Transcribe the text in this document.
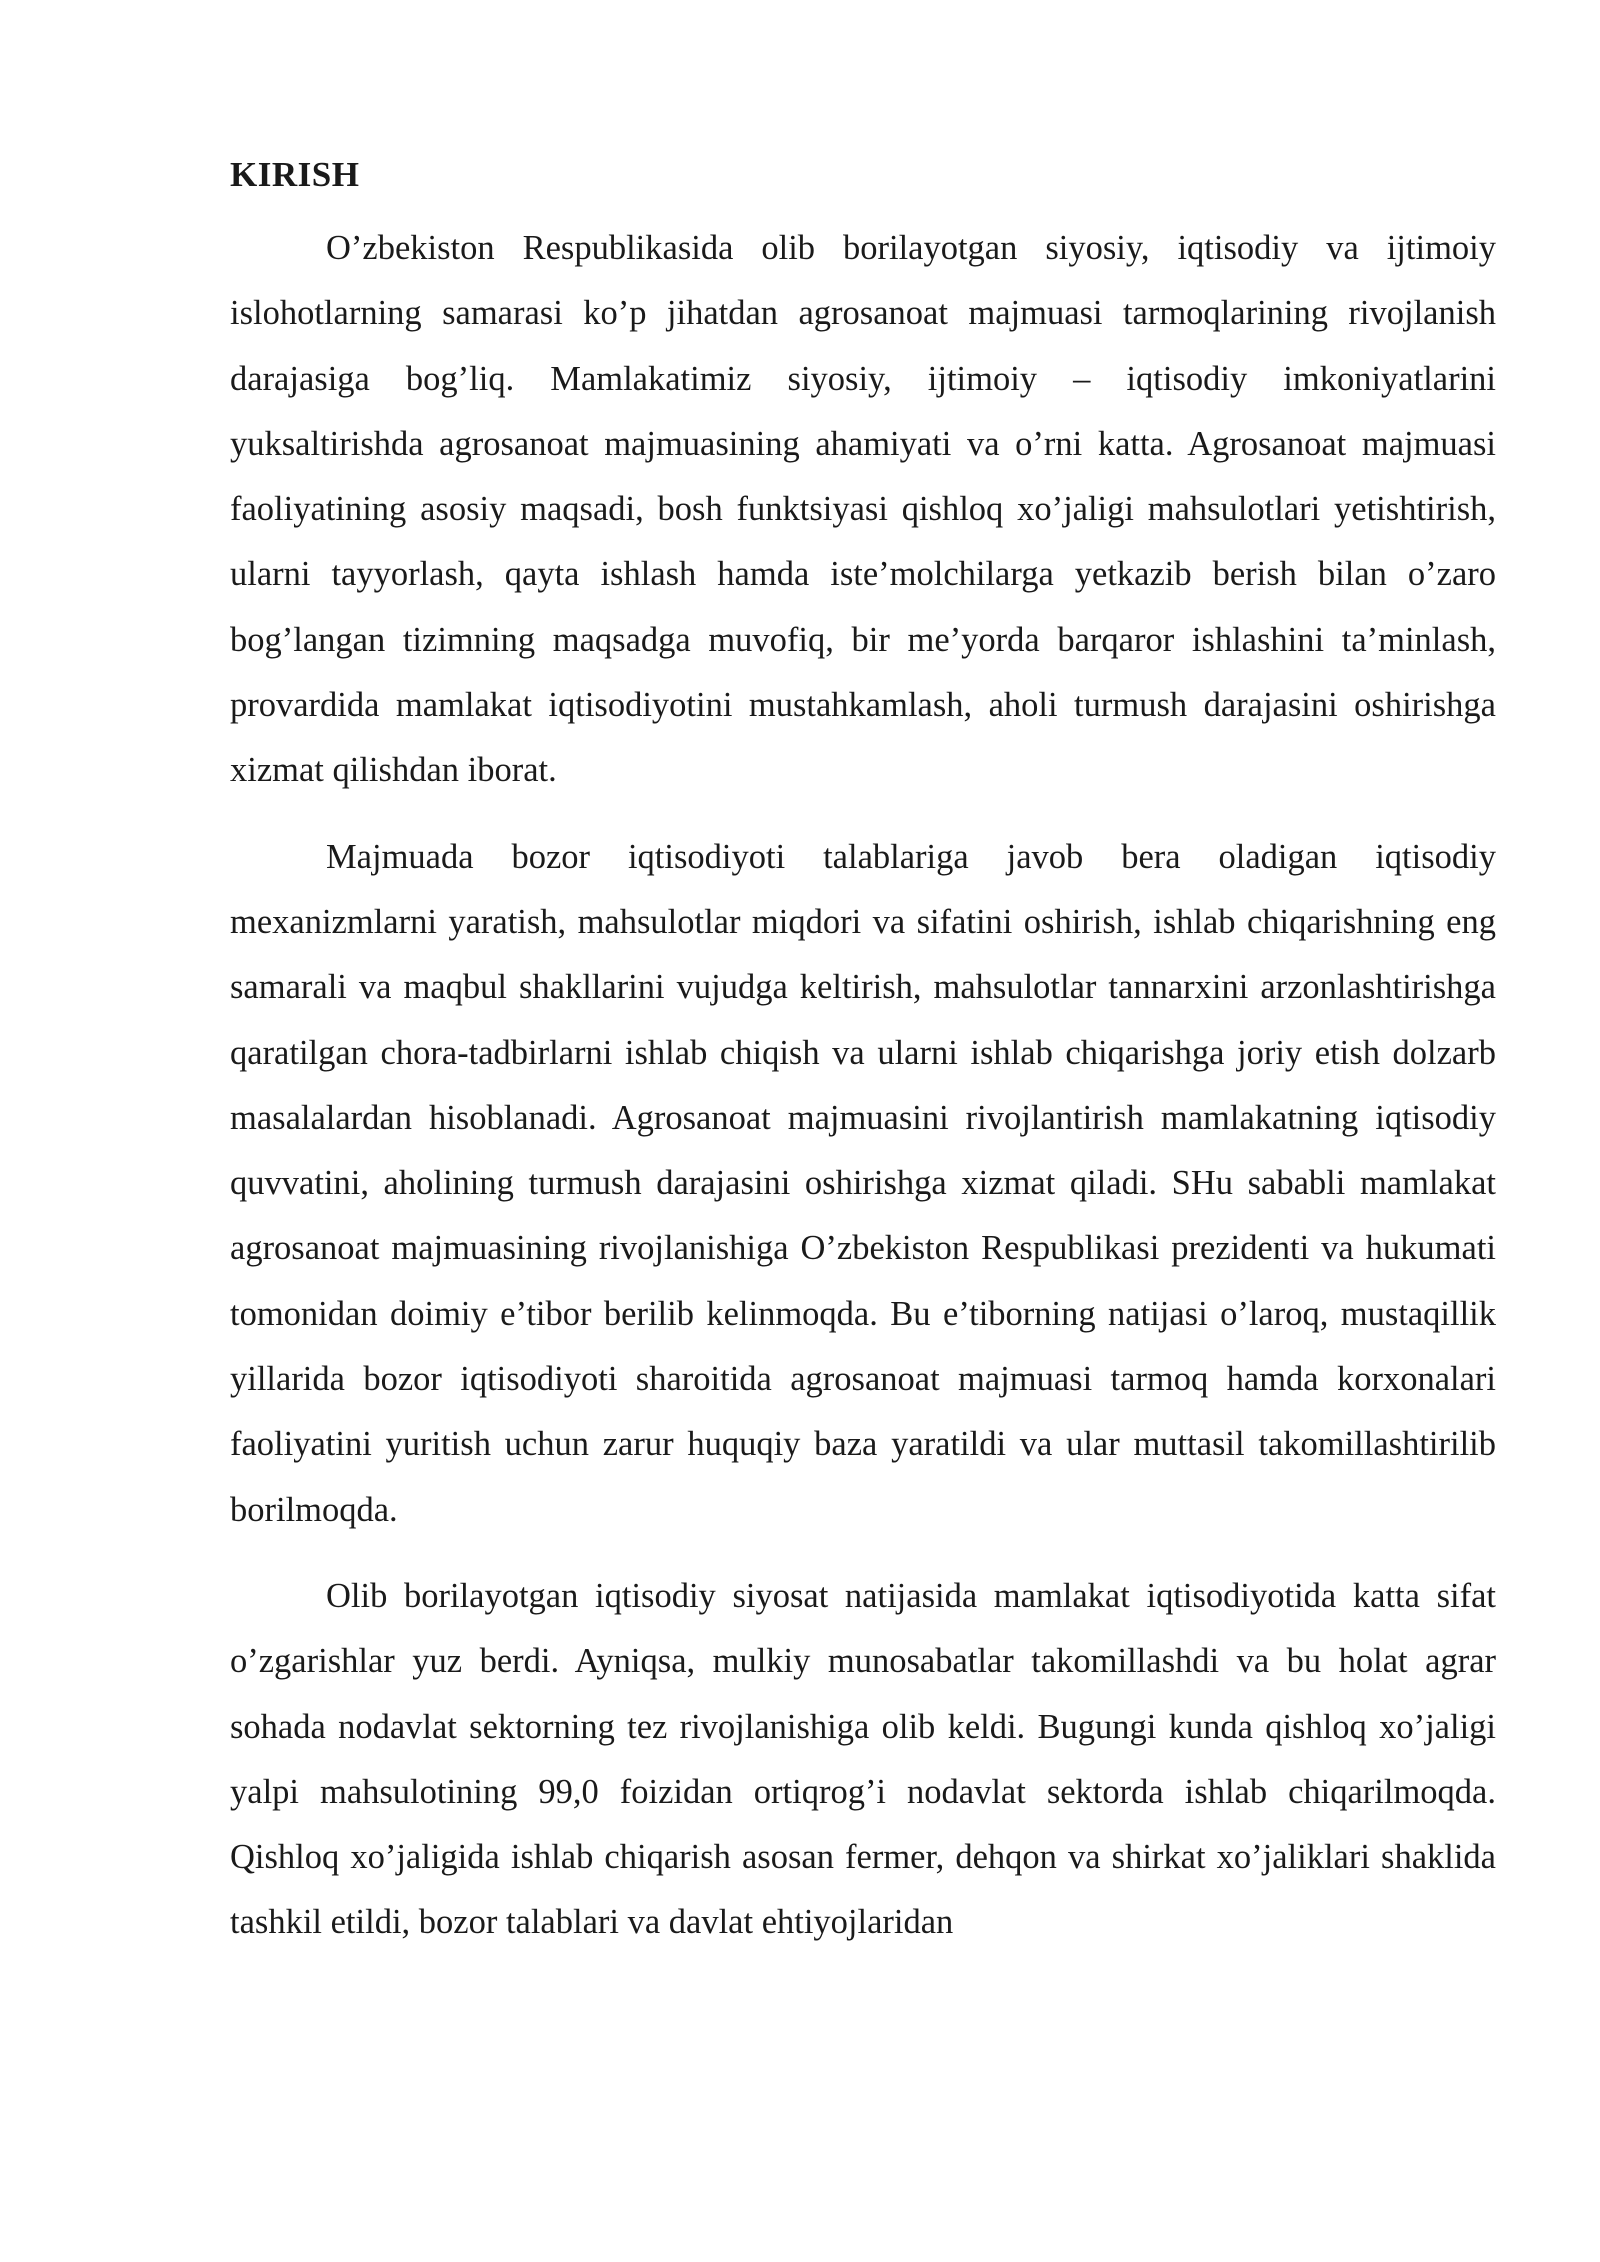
KIRISH

O’zbekiston Respublikasida olib borilayotgan siyosiy, iqtisodiy va ijtimoiy islohotlarning samarasi ko’p jihatdan agrosanoat majmuasi tarmoqlarining rivojlanish darajasiga bog’liq. Mamlakatimiz siyosiy, ijtimoiy – iqtisodiy imkoniyatlarini yuksaltirishda agrosanoat majmuasining ahamiyati va o’rni katta. Agrosanoat majmuasi faoliyatining asosiy maqsadi, bosh funktsiyasi qishloq xo’jaligi mahsulotlari yetishtirish, ularni tayyorlash, qayta ishlash hamda iste’molchilarga yetkazib berish bilan o’zaro bog’langan tizimning maqsadga muvofiq, bir me’yorda barqaror ishlashini ta’minlash, provardida mamlakat iqtisodiyotini mustahkamlash, aholi turmush darajasini oshirishga xizmat qilishdan iborat.

Majmuada bozor iqtisodiyoti talablariga javob bera oladigan iqtisodiy mexanizmlarni yaratish, mahsulotlar miqdori va sifatini oshirish, ishlab chiqarishning eng samarali va maqbul shakllarini vujudga keltirish, mahsulotlar tannarxini arzonlashtirishga qaratilgan chora-tadbirlarni ishlab chiqish va ularni ishlab chiqarishga joriy etish dolzarb masalalardan hisoblanadi. Agrosanoat majmuasini rivojlantirish mamlakatning iqtisodiy quvvatini, aholining turmush darajasini oshirishga xizmat qiladi. SHu sababli mamlakat agrosanoat majmuasining rivojlanishiga O’zbekiston Respublikasi prezidenti va hukumati tomonidan doimiy e’tibor berilib kelinmoqda. Bu e’tiborning natijasi o’laroq, mustaqillik yillarida bozor iqtisodiyoti sharoitida agrosanoat majmuasi tarmoq hamda korxonalari faoliyatini yuritish uchun zarur huquqiy baza yaratildi va ular muttasil takomillashtirilib borilmoqda.

Olib borilayotgan iqtisodiy siyosat natijasida mamlakat iqtisodiyotida katta sifat o’zgarishlar yuz berdi. Ayniqsa, mulkiy munosabatlar takomillashdi va bu holat agrar sohada nodavlat sektorning tez rivojlanishiga olib keldi. Bugungi kunda qishloq xo’jaligi yalpi mahsulotining 99,0 foizidan ortiqrog’i nodavlat sektorda ishlab chiqarilmoqda. Qishloq xo’jaligida ishlab chiqarish asosan fermer, dehqon va shirkat xo’jaliklari shaklida tashkil etildi, bozor talablari va davlat ehtiyojlaridan
